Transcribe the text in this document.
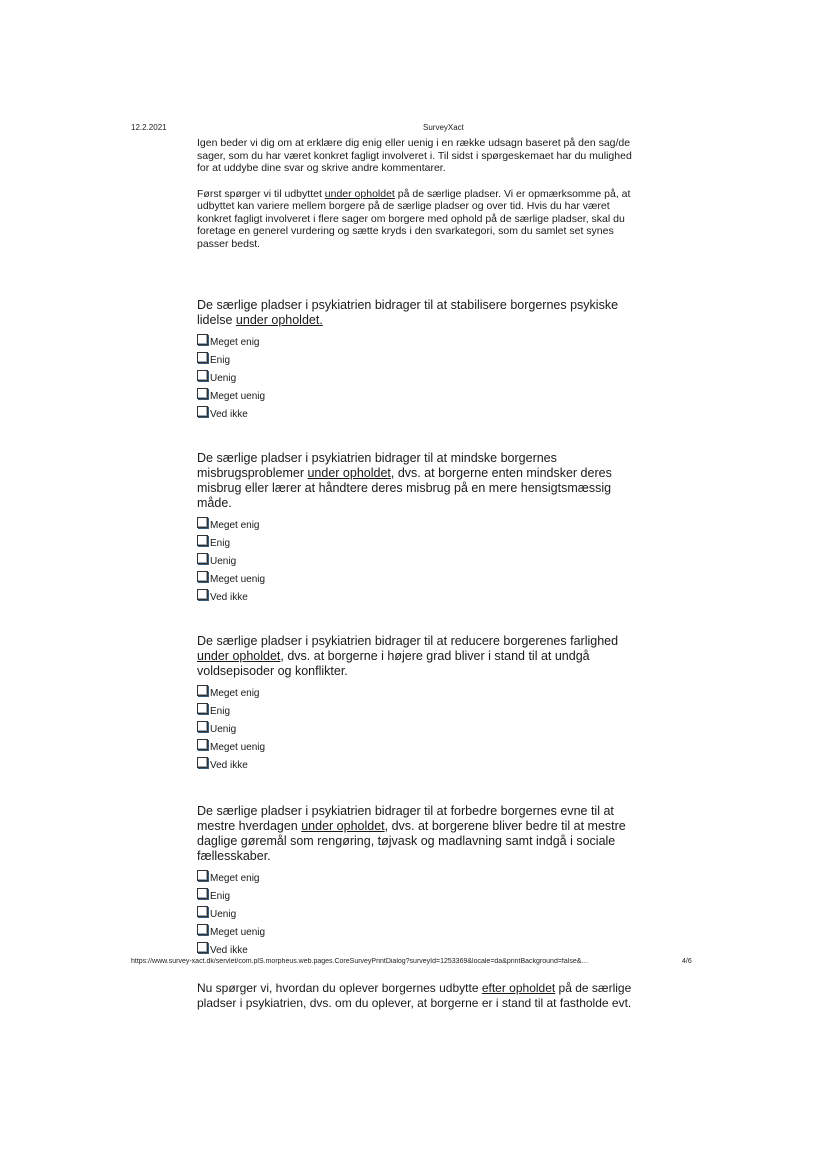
12.2.2021	SurveyXact

Igen beder vi dig om at erklære dig enig eller uenig i en række udsagn baseret på den sag/de sager, som du har været konkret fagligt involveret i. Til sidst i spørgeskemaet har du mulighed for at uddybe dine svar og skrive andre kommentarer.

Først spørger vi til udbyttet under opholdet på de særlige pladser. Vi er opmærksomme på, at udbyttet kan variere mellem borgere på de særlige pladser og over tid. Hvis du har været konkret fagligt involveret i flere sager om borgere med ophold på de særlige pladser, skal du foretage en generel vurdering og sætte kryds i den svarkategori, som du samlet set synes passer bedst.

De særlige pladser i psykiatrien bidrager til at stabilisere borgernes psykiske lidelse under opholdet.

Meget enig
Enig
Uenig
Meget uenig
Ved ikke

De særlige pladser i psykiatrien bidrager til at mindske borgernes misbrugsproblemer under opholdet, dvs. at borgerne enten mindsker deres misbrug eller lærer at håndtere deres misbrug på en mere hensigtsmæssig måde.

Meget enig
Enig
Uenig
Meget uenig
Ved ikke

De særlige pladser i psykiatrien bidrager til at reducere borgerenes farlighed under opholdet, dvs. at borgerne i højere grad bliver i stand til at undgå voldsepisoder og konflikter.

Meget enig
Enig
Uenig
Meget uenig
Ved ikke

De særlige pladser i psykiatrien bidrager til at forbedre borgernes evne til at mestre hverdagen under opholdet, dvs. at borgerene bliver bedre til at mestre daglige gøremål som rengøring, tøjvask og madlavning samt indgå i sociale fællesskaber.

Meget enig
Enig
Uenig
Meget uenig
Ved ikke

Nu spørger vi, hvordan du oplever borgernes udbytte efter opholdet på de særlige pladser i psykiatrien, dvs. om du oplever, at borgerne er i stand til at fastholde evt.

https://www.survey-xact.dk/servlet/com.plS.morpheus.web.pages.CoreSurveyPrintDialog?surveyId=1253369&locale=da&printBackground=false&…	4/6
